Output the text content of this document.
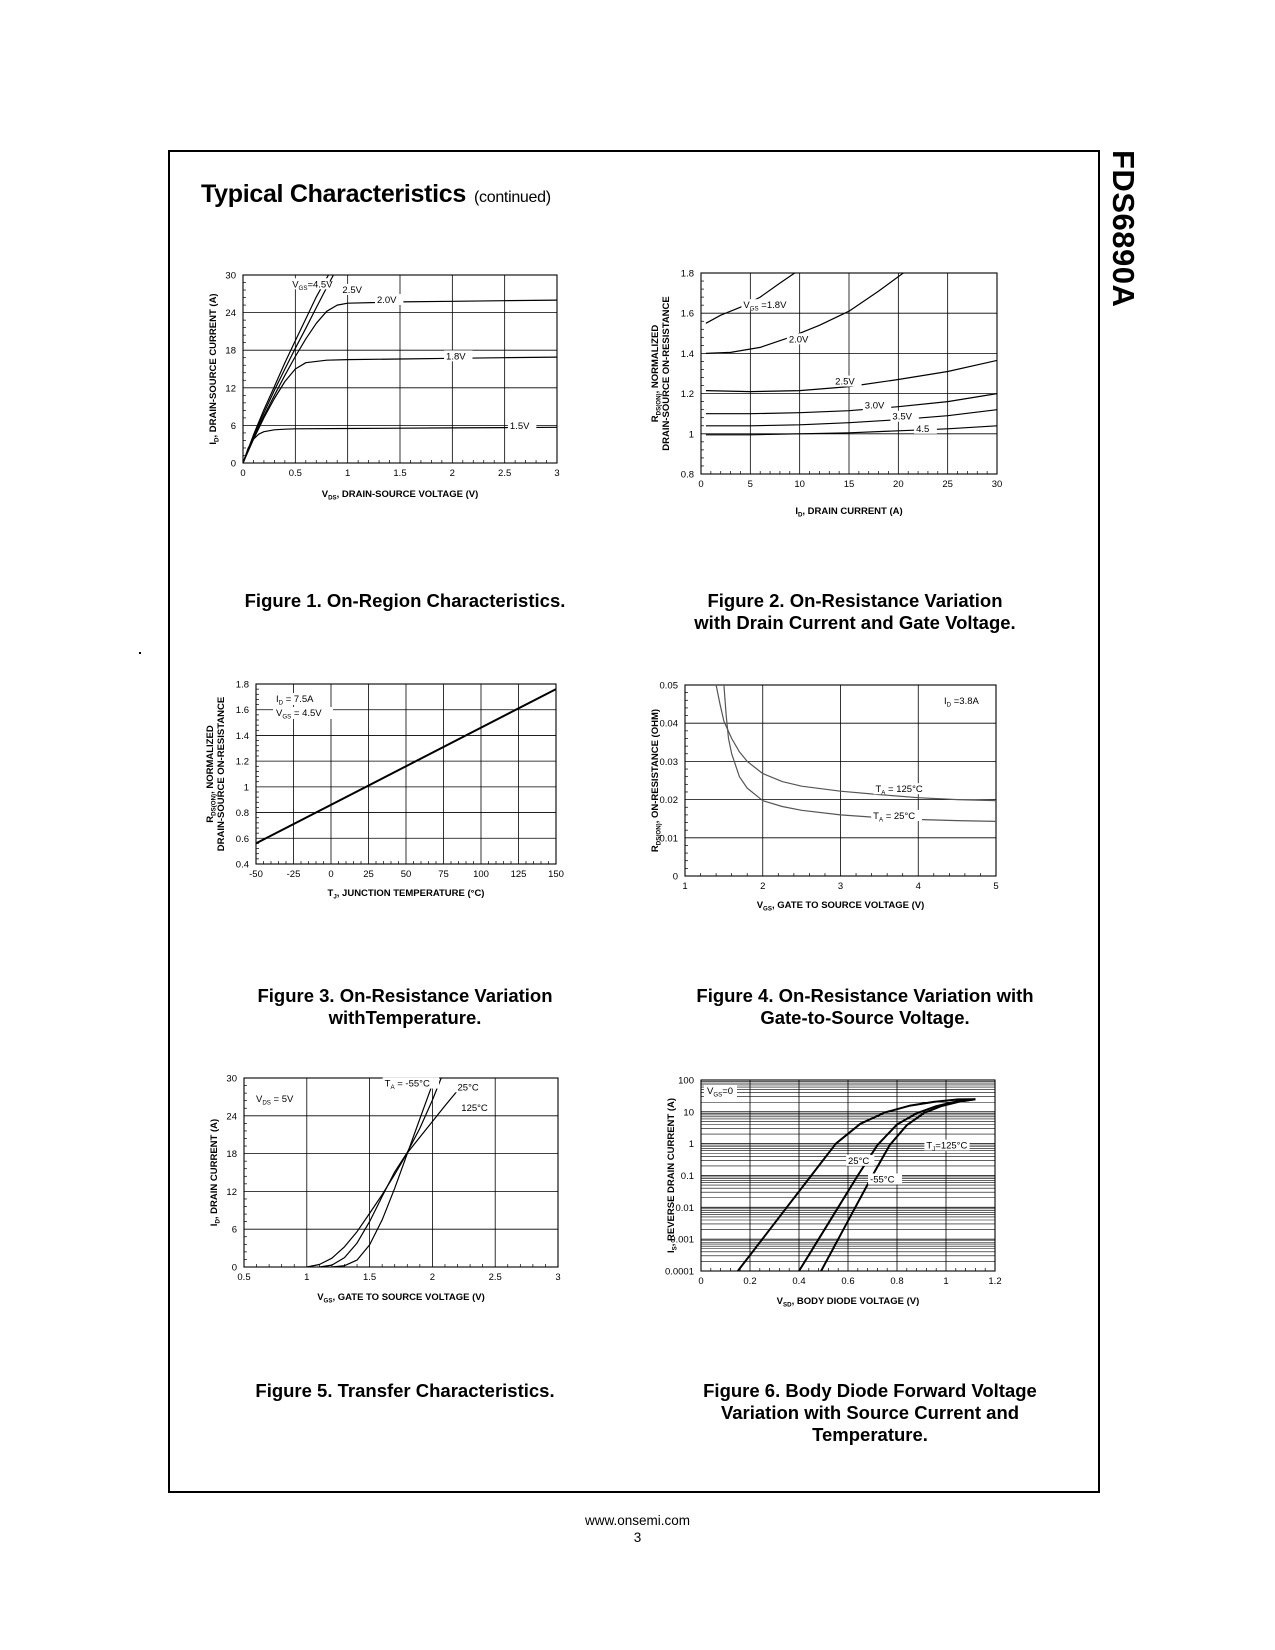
FDS6890A
Typical Characteristics (continued)
0	0.5	1	1.5	2	2.5	3
0
6
12
18
24
30
$V_{GS}=4.5V$
2.5V
2.0V
1.8V
1.5V
$V_{DS}$, DRAIN-SOURCE VOLTAGE (V)
$I_D$, DRAIN-SOURCE CURRENT (A)
0	5	10	15	20	25	30
0.8
1
1.2
1.4
1.6
1.8
$V_{GS} =1.8V$
2.0V
2.5V
3.0V
3.5V
4.5
$I_D$, DRAIN CURRENT (A)
$R_{DS(ON)}$, NORMALIZED DRAIN-SOURCE ON-RESISTANCE
-50	-25	0	25	50	75	100 125 150
0.4
0.6
0.8
1
1.2
1.4
1.6
1.8
$I_D = 7.5A$
$V_{GS} = 4.5V$
$T_J$, JUNCTION TEMPERATURE (°C)
$R_{DS(ON)}$, NORMALIZED DRAIN-SOURCE ON-RESISTANCE
1	2	3	4	5
0
0.01
0.02
0.03
0.04
0.05
$T_A = 125^\circ C$
$T_A = 25^\circ C$
$I_D =3.8A$
$V_{GS}$, GATE TO SOURCE VOLTAGE (V)
$R_{DS(ON)}$, ON-RESISTANCE (OHM)
0.5	1	1.5	2	2.5	3
0
6
12
18
24
30	$T_A = -55^\circ C$	25°C
125°C
$V_{DS} = 5V$
$V_{GS}$, GATE TO SOURCE VOLTAGE (V)
$I_D$, DRAIN CURRENT (A)
0	0.2	0.4	0.6	0.8	1	1.2
0.0001
0.001
0.01
0.1
1
10
100
$T_J=125^\circ C$
25°C
-55°C
$V_{GS}=0$
$V_{SD}$, BODY DIODE VOLTAGE (V)
$I_S$, REVERSE DRAIN CURRENT (A)
Figure 1. On-Region Characteristics.	Figure 2. On-Resistance Variation with Drain Current and Gate Voltage.
Figure 3. On-Resistance Variation withTemperature.
Figure 4. On-Resistance Variation with Gate-to-Source Voltage.
Figure 5. Transfer Characteristics.	Figure 6. Body Diode Forward Voltage Variation with Source Current and Temperature.
www.onsemi.com
3
